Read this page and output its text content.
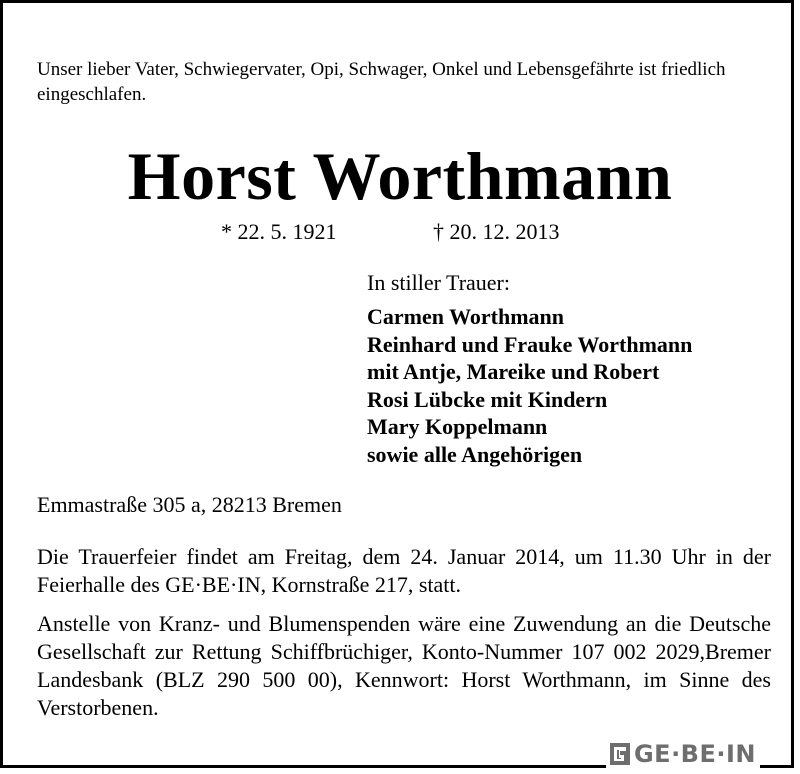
Unser lieber Vater, Schwiegervater, Opi, Schwager, Onkel und Lebensgefährte ist friedlich eingeschlafen.
Horst Worthmann
* 22. 5. 1921	† 20. 12. 2013
In stiller Trauer:
Carmen Worthmann
Reinhard und Frauke Worthmann
mit Antje, Mareike und Robert
Rosi Lübcke mit Kindern
Mary Koppelmann
sowie alle Angehörigen
Emmastraße 305 a, 28213 Bremen
Die Trauerfeier findet am Freitag, dem 24. Januar 2014, um 11.30 Uhr in der Feierhalle des GE·BE·IN, Kornstraße 217, statt.
Anstelle von Kranz- und Blumenspenden wäre eine Zuwendung an die Deutsche Gesellschaft zur Rettung Schiffbrüchiger, Konto-Nummer 107 002 2029,Bremer Landesbank (BLZ 290 500 00), Kennwort: Horst Worthmann, im Sinne des Verstorbenen.
GE·BE·IN
